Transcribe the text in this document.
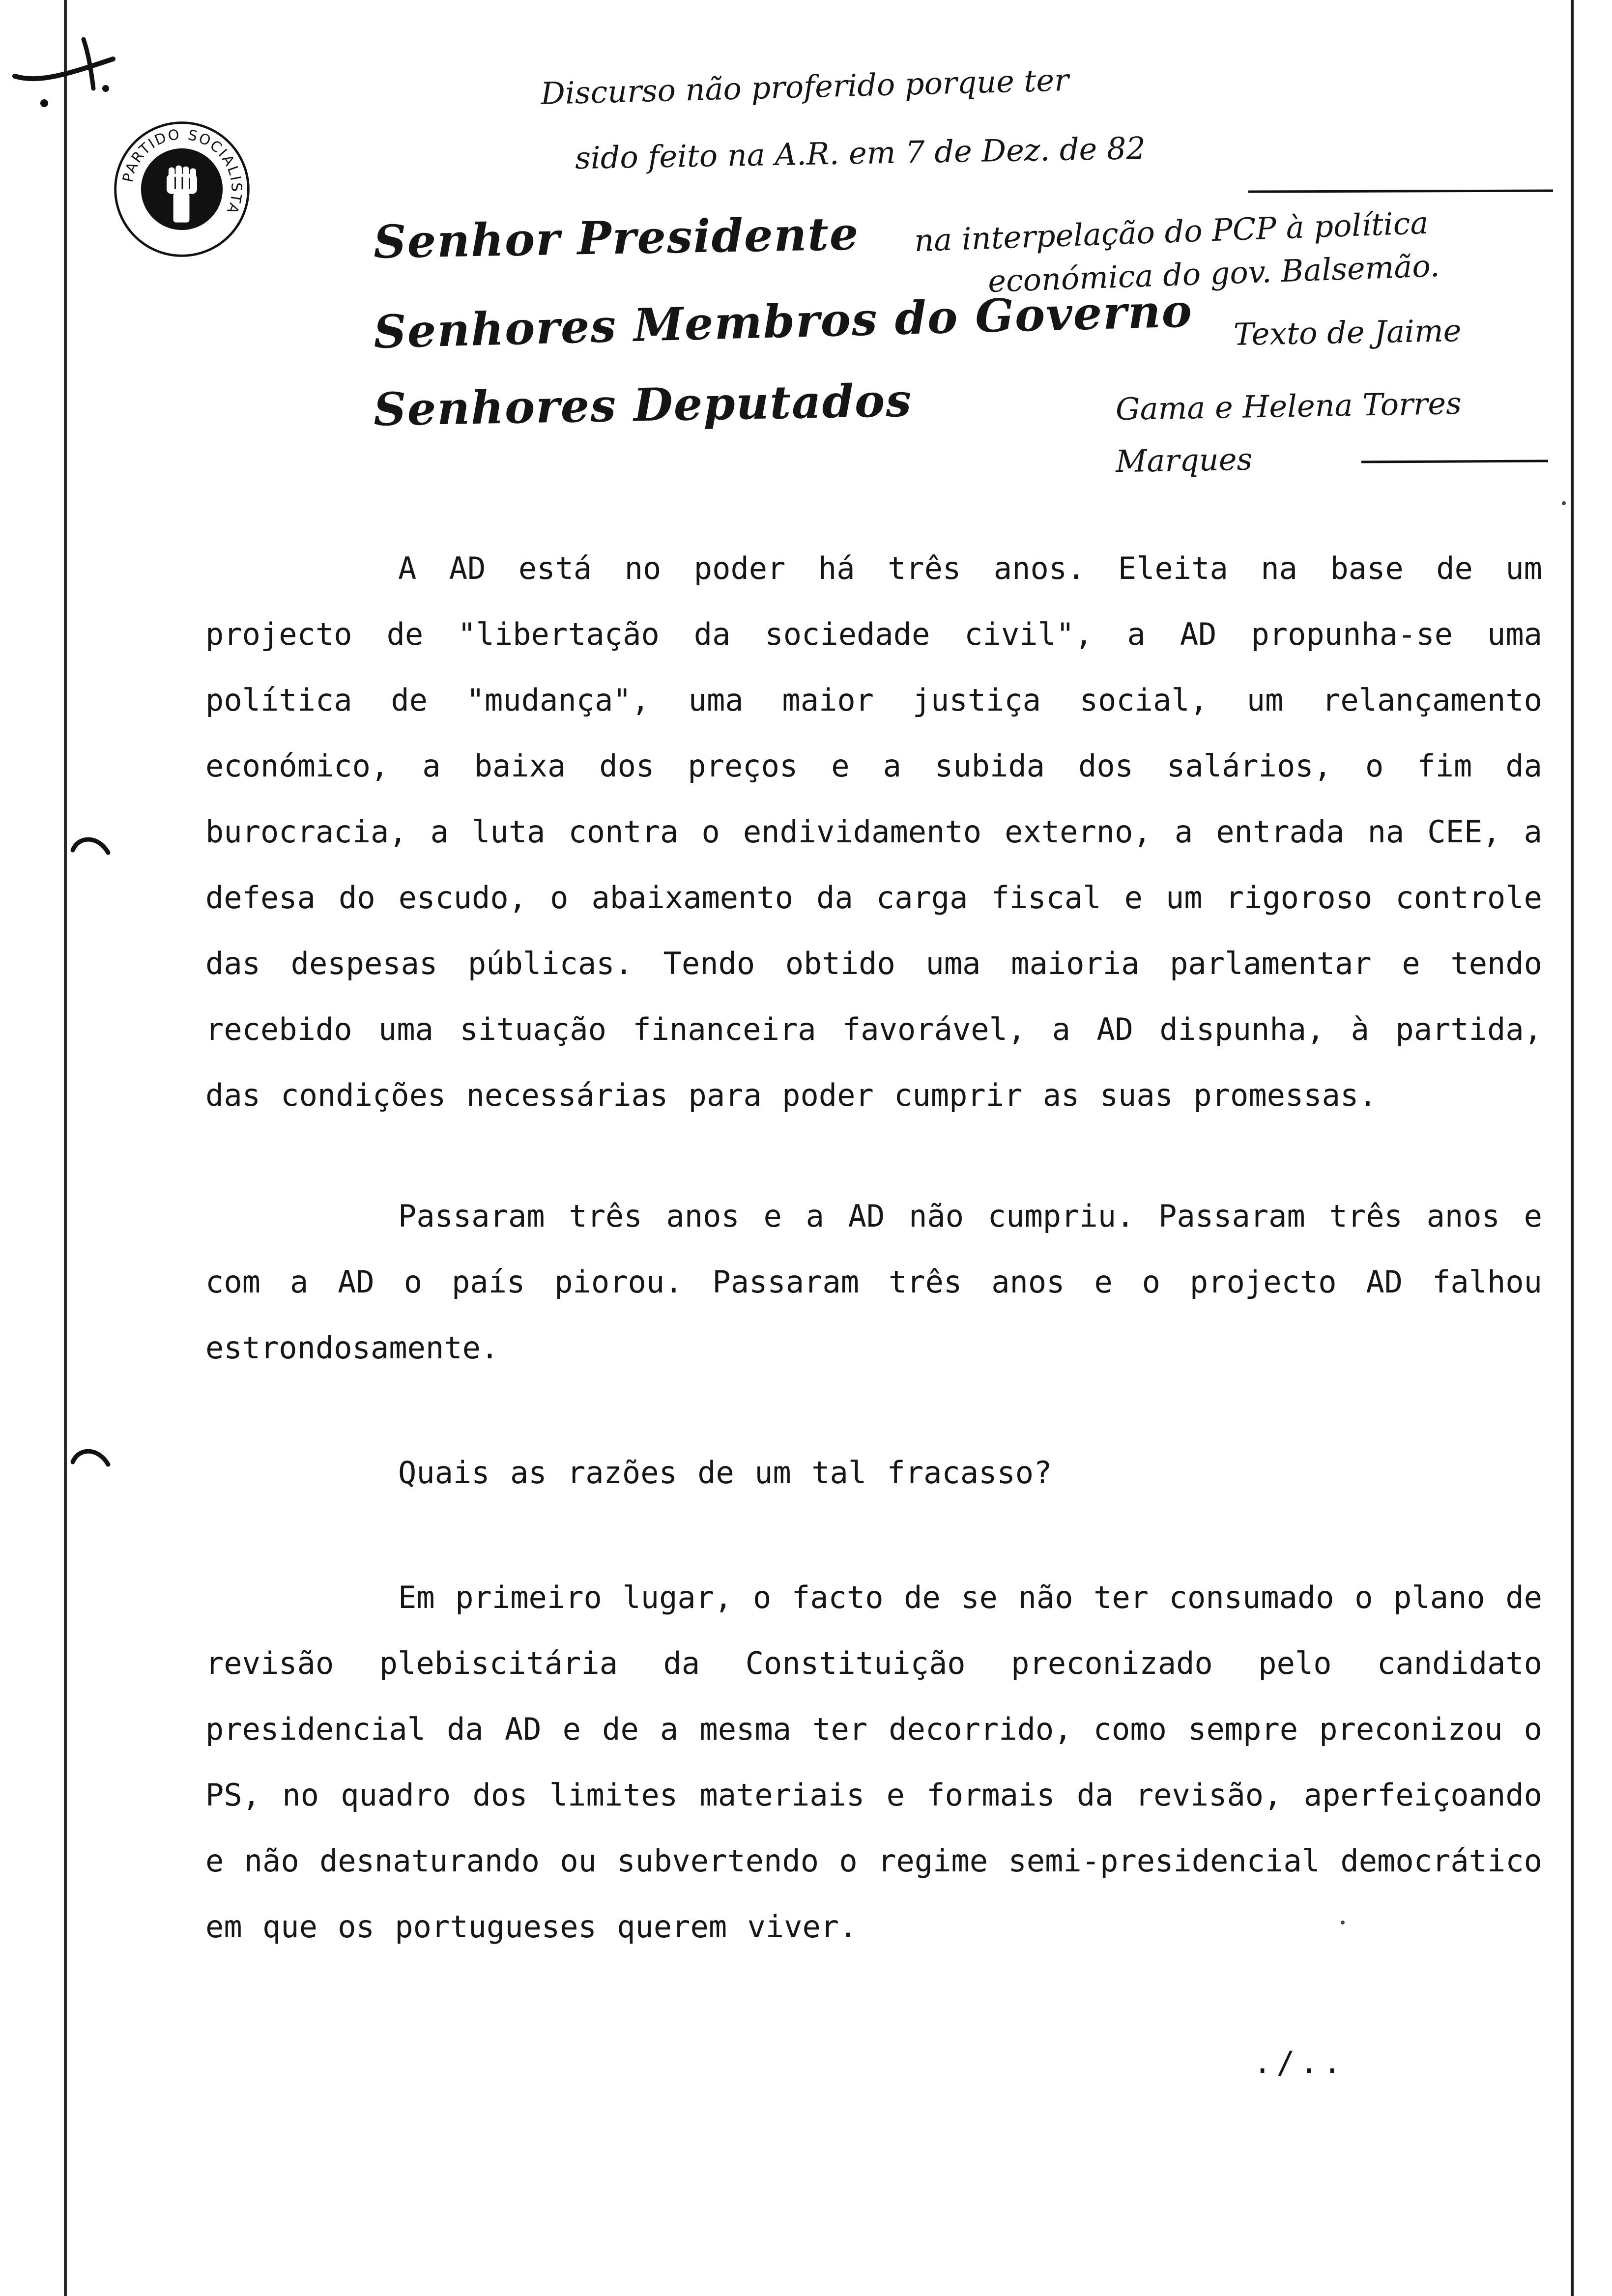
PARTIDO SOCIALISTA
Discurso não proferido porque ter
sido feito na A.R. em 7 de Dez. de 82
Senhor Presidente na interpelação do PCP à política
económica do gov. Balsemão.
Senhores Membros do Governo Texto de Jaime
Senhores Deputados	Gama e Helena Torres
Marques

A AD está no poder há três anos. Eleita na base de um projecto de "libertação da sociedade civil", a AD propunha-se uma política de "mudança", uma maior justiça social, um relançamento económico, a baixa dos preços e a subida dos salários, o fim da burocracia, a luta contra o endividamento externo, a entrada na CEE, a defesa do escudo, o abaixamento da carga fiscal e um rigoroso controle das despesas públicas. Tendo obtido uma maioria parlamentar e tendo recebido uma situação financeira favorável, a AD dispunha, à partida, das condições necessárias para poder cumprir as suas promessas.

Passaram três anos e a AD não cumpriu. Passaram três anos e com a AD o país piorou. Passaram três anos e o projecto AD falhou estrondosamente.

Quais as razões de um tal fracasso?

Em primeiro lugar, o facto de se não ter consumado o plano de revisão plebiscitária da Constituição preconizado pelo candidato presidencial da AD e de a mesma ter decorrido, como sempre preconizou o PS, no quadro dos limites materiais e formais da revisão, aperfeiçoando e não desnaturando ou subvertendo o regime semi-presidencial democrático em que os portugueses querem viver.

./..
